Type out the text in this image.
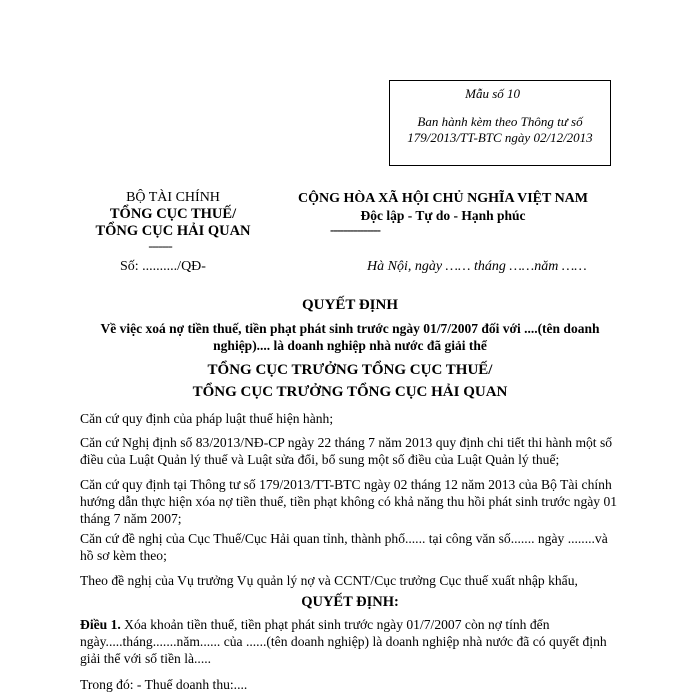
Mẫu số 10
Ban hành kèm theo Thông tư số 179/2013/TT-BTC ngày 02/12/2013
BỘ TÀI CHÍNH
TỔNG CỤC THUẾ/
TỔNG CỤC HẢI QUAN
-------
Số: ........../QĐ-
CỘNG HÒA XÃ HỘI CHỦ NGHĨA VIỆT NAM
Độc lập - Tự do - Hạnh phúc
---------------
Hà Nội, ngày …… tháng ……năm ……
QUYẾT ĐỊNH
Về việc xoá nợ tiền thuế, tiền phạt phát sinh trước ngày 01/7/2007 đối với ....(tên doanh nghiệp).... là doanh nghiệp nhà nước đã giải thể
TỔNG CỤC TRƯỞNG TỔNG CỤC THUẾ/
TỔNG CỤC TRƯỞNG TỔNG CỤC HẢI QUAN
Căn cứ quy định của pháp luật thuế hiện hành;
Căn cứ Nghị định số 83/2013/NĐ-CP ngày 22 tháng 7 năm 2013 quy định chi tiết thi hành một số điều của Luật Quản lý thuế và Luật sửa đổi, bổ sung một số điều của Luật Quản lý thuế;
Căn cứ quy định tại Thông tư số 179/2013/TT-BTC ngày 02 tháng 12 năm 2013 của Bộ Tài chính hướng dẫn thực hiện xóa nợ tiền thuế, tiền phạt không có khả năng thu hồi phát sinh trước ngày 01 tháng 7 năm 2007;
Căn cứ đề nghị của Cục Thuế/Cục Hải quan tỉnh, thành phố...... tại công văn số....... ngày ........và hồ sơ kèm theo;
Theo đề nghị của Vụ trưởng Vụ quản lý nợ và CCNT/Cục trưởng Cục thuế xuất nhập khẩu,
QUYẾT ĐỊNH:
Điều 1. Xóa khoản tiền thuế, tiền phạt phát sinh trước ngày 01/7/2007 còn nợ tính đến ngày.....tháng.......năm...... của ......(tên doanh nghiệp) là doanh nghiệp nhà nước đã có quyết định giải thể với số tiền là.....
Trong đó: - Thuế doanh thu:....
